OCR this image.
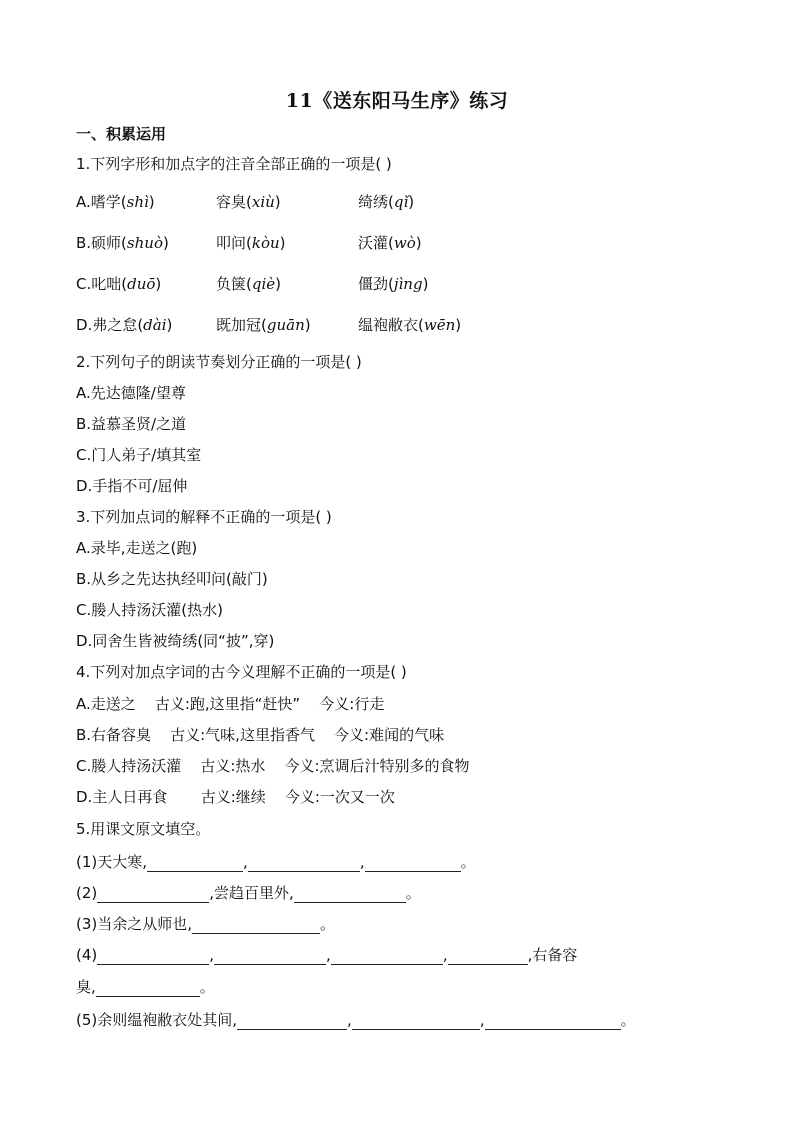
11《送东阳马生序》练习
一、积累运用
1.下列字形和加点字的注音全部正确的一项是( )
A.嗜学(shì)	容臭(xiù)	绮绣(qǐ)
B.硕师(shuò)	叩问(kòu)	沃灌(wò)
C.叱咄(duō)	负箧(qiè)	僵劲(jìng)
D.弗之怠(dài)	既加冠(guān)	缊袍敝衣(wēn)
2.下列句子的朗读节奏划分正确的一项是( )
A.先达德隆/望尊
B.益慕圣贤/之道
C.门人弟子/填其室
D.手指不可/屈伸
3.下列加点词的解释不正确的一项是( )
A.录毕,走送之(跑)
B.从乡之先达执经叩问(敲门)
C.媵人持汤沃灌(热水)
D.同舍生皆被绮绣(同“披”,穿)
4.下列对加点字词的古今义理解不正确的一项是( )
A.走送之    古义:跑,这里指“赶快”    今义:行走
B.右备容臭    古义:气味,这里指香气    今义:难闻的气味
C.媵人持汤沃灌    古义:热水    今义:烹调后汁特别多的食物
D.主人日再食       古义:继续    今义:一次又一次
5.用课文原文填空。
(1)天大寒,	,	,	。
(2)	,尝趋百里外,	。
(3)当余之从师也,	。
(4)	,	,	,	,右备容
臭,	。
(5)余则缊袍敝衣处其间,	,	,	。
